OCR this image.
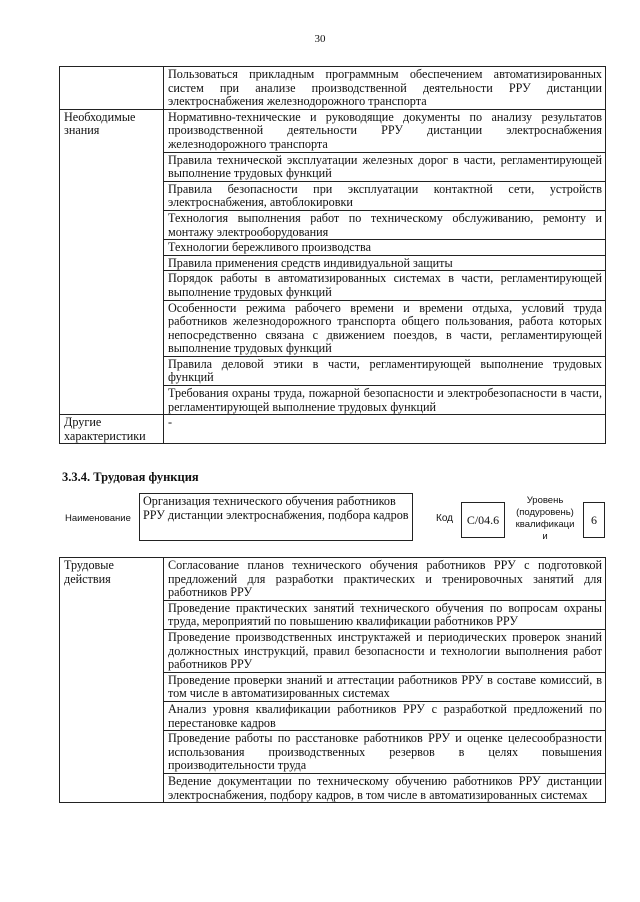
30
	Пользоваться прикладным программным обеспечением автоматизированных систем при анализе производственной деятельности РРУ дистанции электроснабжения железнодорожного транспорта
Необходимые знания	Нормативно-технические и руководящие документы по анализу результатов производственной деятельности РРУ дистанции электроснабжения железнодорожного транспорта
	Правила технической эксплуатации железных дорог в части, регламентирующей выполнение трудовых функций
	Правила безопасности при эксплуатации контактной сети, устройств электроснабжения, автоблокировки
	Технология выполнения работ по техническому обслуживанию, ремонту и монтажу электрооборудования
	Технологии бережливого производства
	Правила применения средств индивидуальной защиты
	Порядок работы в автоматизированных системах в части, регламентирующей выполнение трудовых функций
	Особенности режима рабочего времени и времени отдыха, условий труда работников железнодорожного транспорта общего пользования, работа которых непосредственно связана с движением поездов, в части, регламентирующей выполнение трудовых функций
	Правила деловой этики в части, регламентирующей выполнение трудовых функций
	Требования охраны труда, пожарной безопасности и электробезопасности в части, регламентирующей выполнение трудовых функций
Другие характеристики	-
3.3.4. Трудовая функция
Наименование
Организация технического обучения работников РРУ дистанции электроснабжения, подбора кадров	Код	C/04.6
Уровень (подуровень) квалификаци и
6
Трудовые действия	Согласование планов технического обучения работников РРУ с подготовкой предложений для разработки практических и тренировочных занятий для работников РРУ
Проведение практических занятий технического обучения по вопросам охраны труда, мероприятий по повышению квалификации работников РРУ
Проведение производственных инструктажей и периодических проверок знаний должностных инструкций, правил безопасности и технологии выполнения работ работников РРУ
Проведение проверки знаний и аттестации работников РРУ в составе комиссий, в том числе в автоматизированных системах
Анализ уровня квалификации работников РРУ с разработкой предложений по перестановке кадров
Проведение работы по расстановке работников РРУ и оценке целесообразности использования производственных резервов в целях повышения производительности труда
Ведение документации по техническому обучению работников РРУ дистанции электроснабжения, подбору кадров, в том числе в автоматизированных системах
